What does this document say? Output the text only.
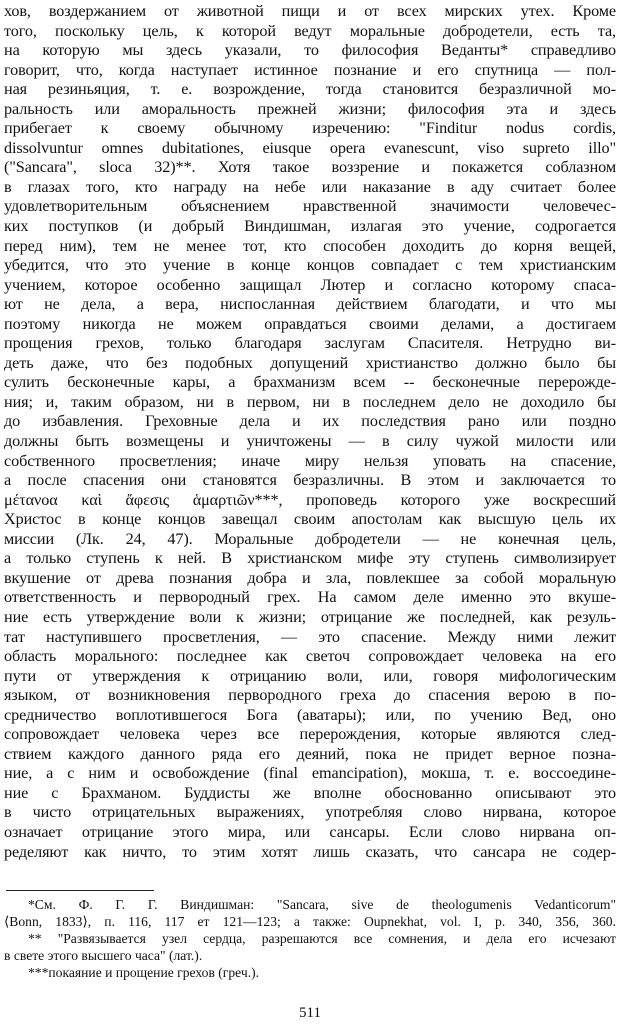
хов, воздержанием от животной пищи и от всех мирских утех. Кроме
того, поскольку цель, к которой ведут моральные добродетели, есть та,
на которую мы здесь указали, то философия Веданты* справедливо
говорит, что, когда наступает истинное познание и его спутница — пол-
ная резиньяция, т. е. возрождение, тогда становится безразличной мо-
ральность или аморальность прежней жизни; философия эта и здесь
прибегает к своему обычному изречению: "Finditur nodus cordis,
dissolvuntur omnes dubitationes, eiusque opera evanescunt, viso supreto illo"
("Sancara", sloca 32)**. Хотя такое воззрение и покажется соблазном
в глазах того, кто награду на небе или наказание в аду считает более
удовлетворительным объяснением нравственной значимости человечес-
ких поступков (и добрый Виндишман, излагая это учение, содрогается
перед ним), тем не менее тот, кто способен доходить до корня вещей,
убедится, что это учение в конце концов совпадает с тем христианским
учением, которое особенно защищал Лютер и согласно которому спаса-
ют не дела, а вера, ниспосланная действием благодати, и что мы
поэтому никогда не можем оправдаться своими делами, а достигаем
прощения грехов, только благодаря заслугам Спасителя. Нетрудно ви-
деть даже, что без подобных допущений христианство должно было бы
сулить бесконечные кары, а брахманизм всем -- бесконечные перерожде-
ния; и, таким образом, ни в первом, ни в последнем дело не доходило бы
до избавления. Греховные дела и их последствия рано или поздно
должны быть возмещены и уничтожены — в силу чужой милости или
собственного просветления; иначе миру нельзя уповать на спасение,
а после спасения они становятся безразличны. В этом и заключается то
μέτανοα καὶ ἄφεσις ἁμαρτιῶν***, проповедь которого уже воскресший
Христос в конце концов завещал своим апостолам как высшую цель их
миссии (Лк. 24, 47). Моральные добродетели — не конечная цель,
а только ступень к ней. В христианском мифе эту ступень символизирует
вкушение от древа познания добра и зла, повлекшее за собой моральную
ответственность и первородный грех. На самом деле именно это вкуше-
ние есть утверждение воли к жизни; отрицание же последней, как резуль-
тат наступившего просветления, — это спасение. Между ними лежит
область морального: последнее как светоч сопровождает человека на его
пути от утверждения к отрицанию воли, или, говоря мифологическим
языком, от возникновения первородного греха до спасения верою в по-
средничество воплотившегося Бога (аватары); или, по учению Вед, оно
сопровождает человека через все перерождения, которые являются след-
ствием каждого данного ряда его деяний, пока не придет верное позна-
ние, а с ним и освобождение (final emancipation), мокша, т. е. воссоедине-
ние с Брахманом. Буддисты же вполне обоснованно описывают это
в чисто отрицательных выражениях, употребляя слово нирвана, которое
означает отрицание этого мира, или сансары. Если слово нирвана оп-
ределяют как ничто, то этим хотят лишь сказать, что сансара не содер-
*См. Ф. Г. Г. Виндишман: "Sancara, sive de theologumenis Vedanticorum"
⟨Bonn, 1833⟩, п. 116, 117 ет 121—123; а также: Oupnekhat, vol. I, p. 340, 356, 360.
** "Развязывается узел сердца, разрешаются все сомнения, и дела его исчезают
в свете этого высшего часа" (лат.).
***покаяние и прощение грехов (греч.).
511
